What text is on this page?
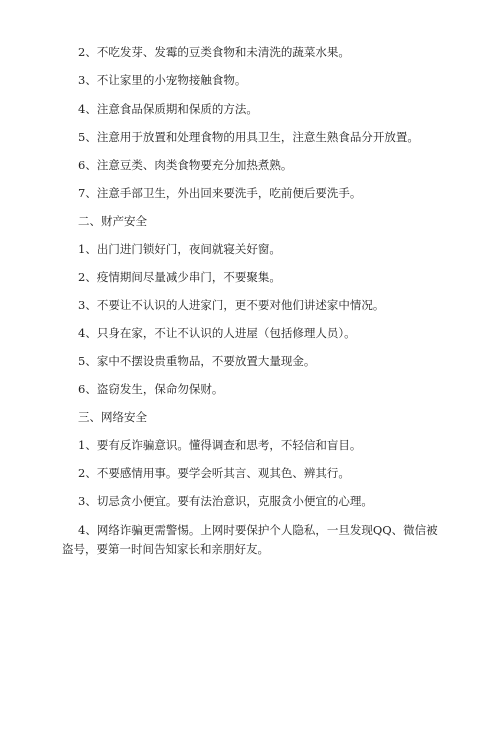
2、不吃发芽、发霉的豆类食物和未清洗的蔬菜水果。
3、不让家里的小宠物接触食物。
4、注意食品保质期和保质的方法。
5、注意用于放置和处理食物的用具卫生，注意生熟食品分开放置。
6、注意豆类、肉类食物要充分加热煮熟。
7、注意手部卫生，外出回来要洗手，吃前便后要洗手。
二、财产安全
1、出门进门锁好门，夜间就寝关好窗。
2、疫情期间尽量减少串门，不要聚集。
3、不要让不认识的人进家门，更不要对他们讲述家中情况。
4、只身在家，不让不认识的人进屋（包括修理人员）。
5、家中不摆设贵重物品，不要放置大量现金。
6、盗窃发生，保命勿保财。
三、网络安全
1、要有反诈骗意识。懂得调查和思考，不轻信和盲目。
2、不要感情用事。要学会听其言、观其色、辨其行。
3、切忌贪小便宜。要有法治意识，克服贪小便宜的心理。
4、网络诈骗更需警惕。上网时要保护个人隐私，一旦发现QQ、微信被 盗号，要第一时间告知家长和亲朋好友。
